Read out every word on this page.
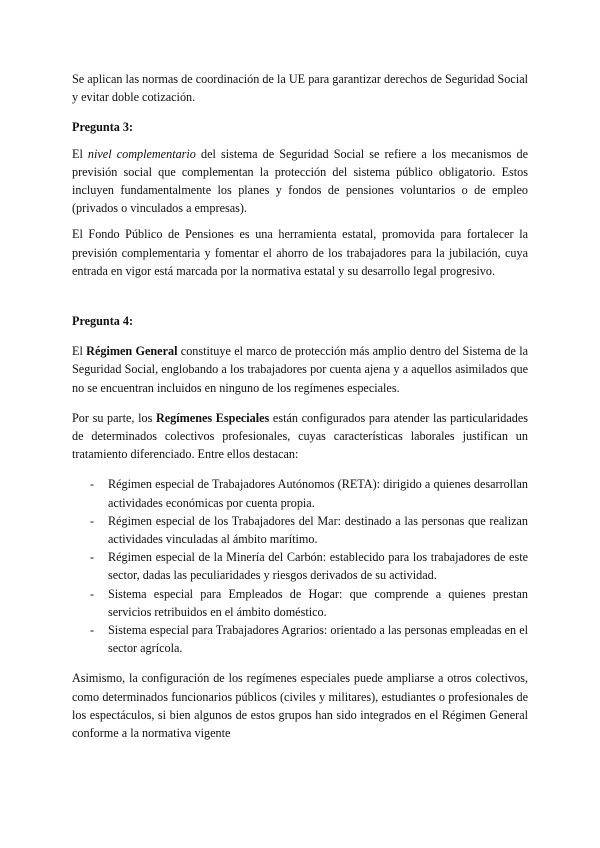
Se aplican las normas de coordinación de la UE para garantizar derechos de Seguridad Social y evitar doble cotización.

Pregunta 3:

El nivel complementario del sistema de Seguridad Social se refiere a los mecanismos de previsión social que complementan la protección del sistema público obligatorio. Estos incluyen fundamentalmente los planes y fondos de pensiones voluntarios o de empleo (privados o vinculados a empresas).

El Fondo Público de Pensiones es una herramienta estatal, promovida para fortalecer la previsión complementaria y fomentar el ahorro de los trabajadores para la jubilación, cuya entrada en vigor está marcada por la normativa estatal y su desarrollo legal progresivo.

Pregunta 4:

El Régimen General constituye el marco de protección más amplio dentro del Sistema de la Seguridad Social, englobando a los trabajadores por cuenta ajena y a aquellos asimilados que no se encuentran incluidos en ninguno de los regímenes especiales.

Por su parte, los Regímenes Especiales están configurados para atender las particularidades de determinados colectivos profesionales, cuyas características laborales justifican un tratamiento diferenciado. Entre ellos destacan:

- Régimen especial de Trabajadores Autónomos (RETA): dirigido a quienes desarrollan actividades económicas por cuenta propia.
- Régimen especial de los Trabajadores del Mar: destinado a las personas que realizan actividades vinculadas al ámbito marítimo.
- Régimen especial de la Minería del Carbón: establecido para los trabajadores de este sector, dadas las peculiaridades y riesgos derivados de su actividad.
- Sistema especial para Empleados de Hogar: que comprende a quienes prestan servicios retribuidos en el ámbito doméstico.
- Sistema especial para Trabajadores Agrarios: orientado a las personas empleadas en el sector agrícola.

Asimismo, la configuración de los regímenes especiales puede ampliarse a otros colectivos, como determinados funcionarios públicos (civiles y militares), estudiantes o profesionales de los espectáculos, si bien algunos de estos grupos han sido integrados en el Régimen General conforme a la normativa vigente
